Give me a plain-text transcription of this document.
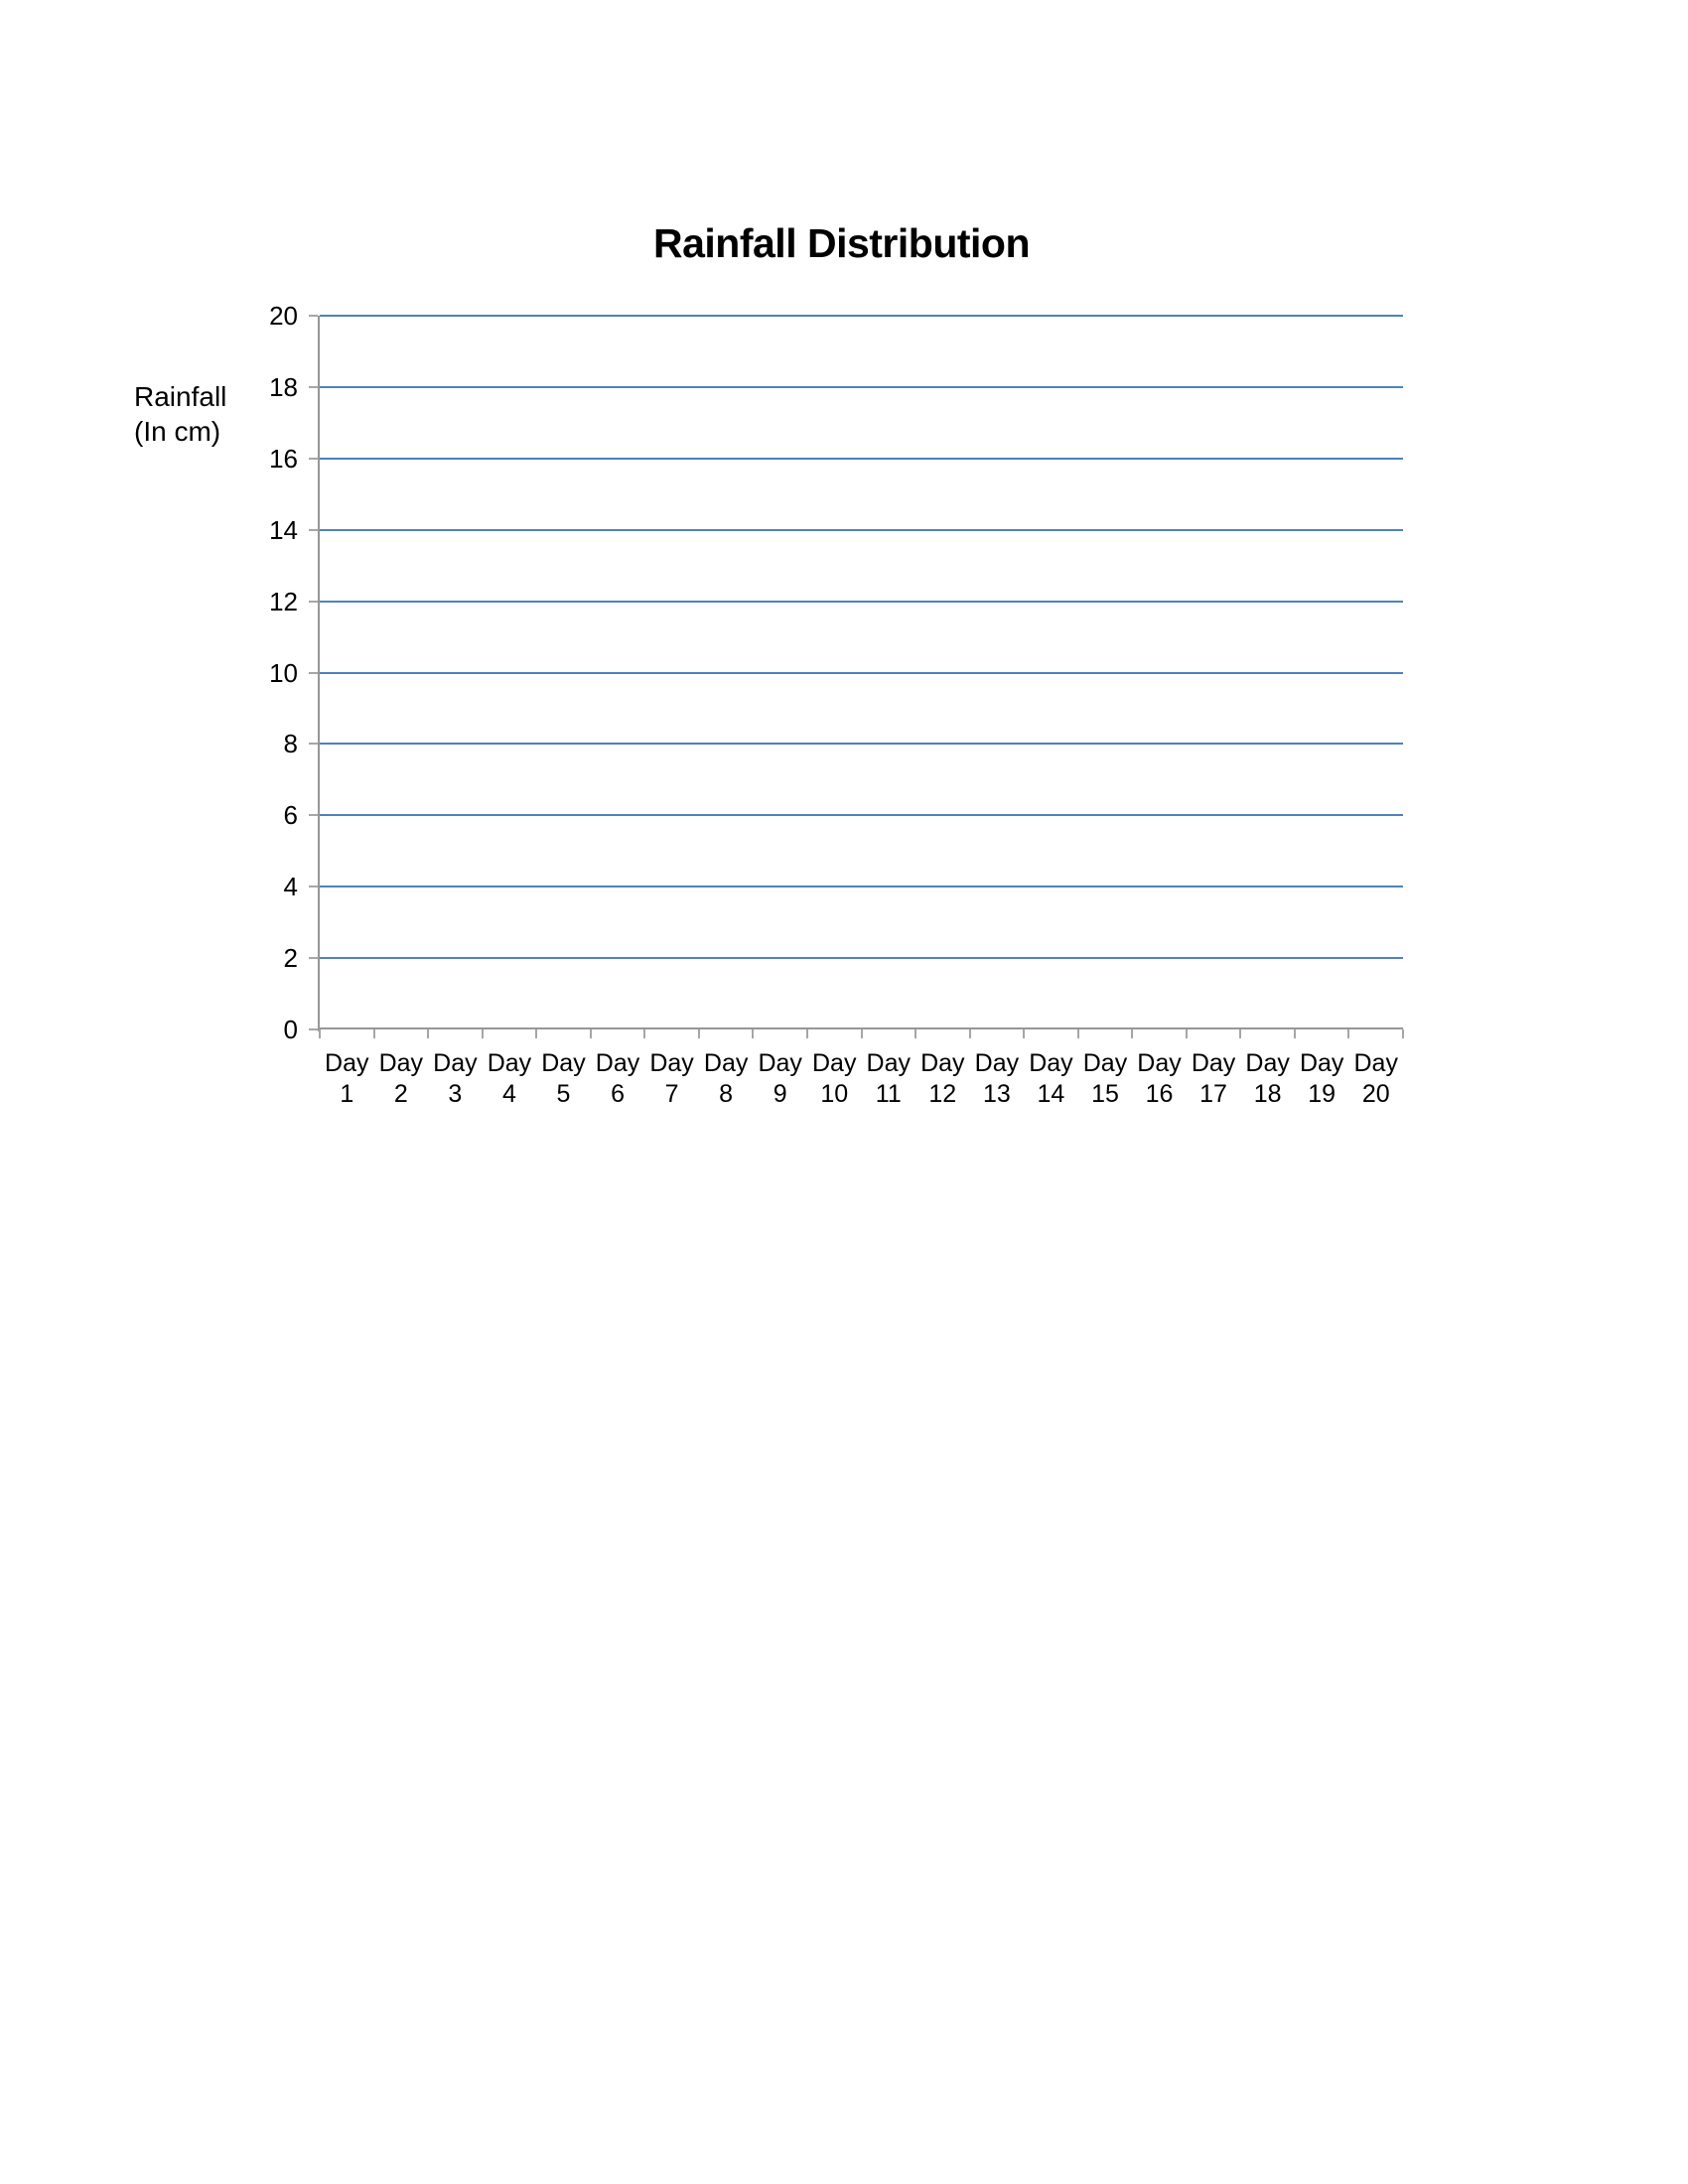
Rainfall Distribution
Rainfall
(In cm)
0
2
4
6
8
10
12
14
16
18
20
Day
1
Day
2
Day
3
Day
4
Day
5
Day
6
Day
7
Day
8
Day
9
Day
10
Day
11
Day
12
Day
13
Day
14
Day
15
Day
16
Day
17
Day
18
Day
19
Day
20
